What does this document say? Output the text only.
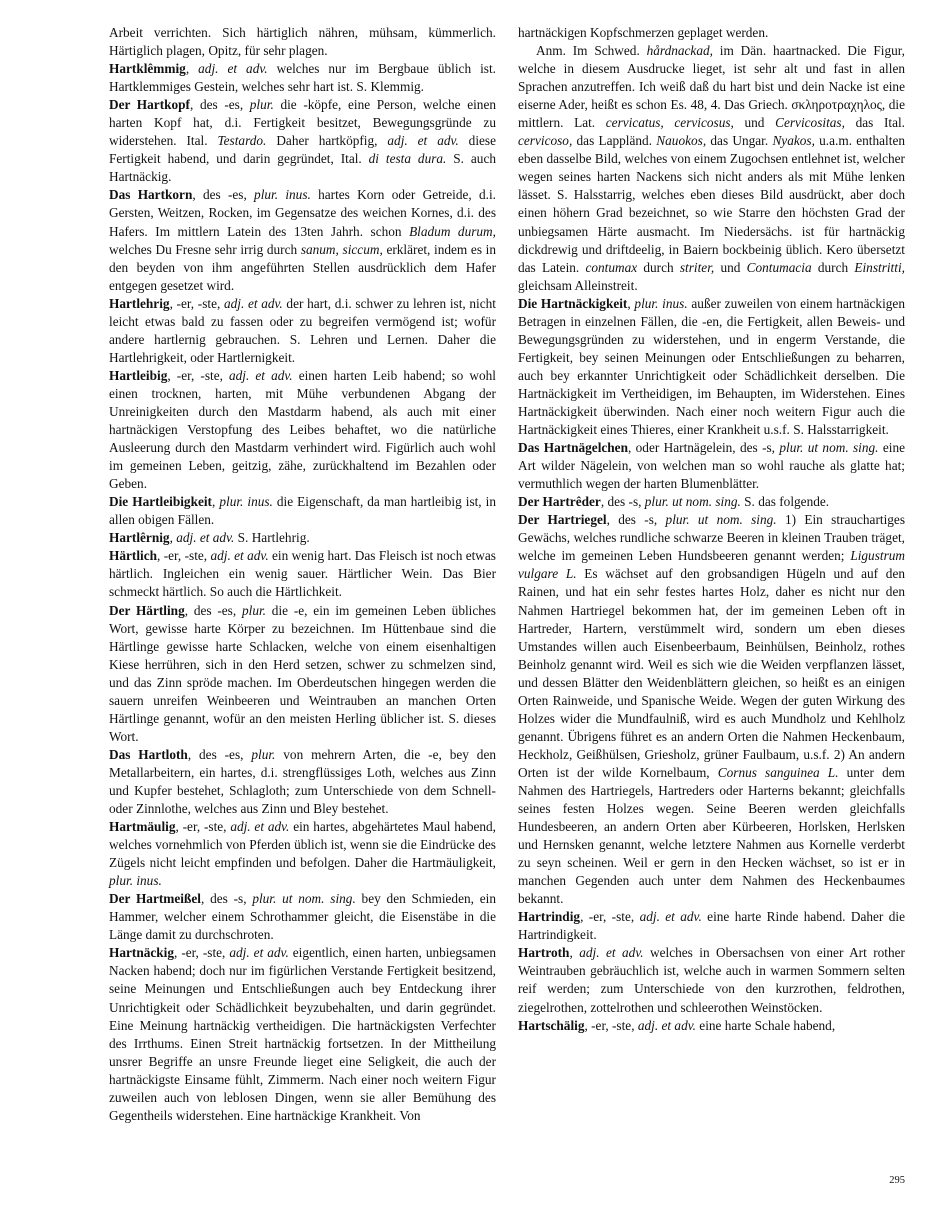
Arbeit verrichten. Sich härtiglich nähren, mühsam, kümmerlich. Härtiglich plagen, Opitz, für sehr plagen.

Hartklêmmig, adj. et adv. welches nur im Bergbaue üblich ist. Hartklemmiges Gestein, welches sehr hart ist. S. Klemmig.

Der Hartkopf, des -es, plur. die -köpfe, eine Person, welche einen harten Kopf hat, d.i. Fertigkeit besitzet, Bewegungsgründe zu widerstehen. Ital. Testardo. Daher hartköpfig, adj. et adv. diese Fertigkeit habend, und darin gegründet, Ital. di testa dura. S. auch Hartnäckig.

Das Hartkorn, des -es, plur. inus. hartes Korn oder Getreide, d.i. Gersten, Weitzen, Rocken, im Gegensatze des weichen Kornes, d.i. des Hafers. Im mittlern Latein des 13ten Jahrh. schon Bladum durum, welches Du Fresne sehr irrig durch sanum, siccum, erkläret, indem es in den beyden von ihm angeführten Stellen ausdrücklich dem Hafer entgegen gesetzet wird.

Hartlehrig, -er, -ste, adj. et adv. der hart, d.i. schwer zu lehren ist, nicht leicht etwas bald zu fassen oder zu begreifen vermögend ist; wofür andere hartlernig gebrauchen. S. Lehren und Lernen. Daher die Hartlehrigkeit, oder Hartlernigkeit.

Hartleibig, -er, -ste, adj. et adv. einen harten Leib habend; so wohl einen trocknen, harten, mit Mühe verbundenen Abgang der Unreinigkeiten durch den Mastdarm habend, als auch mit einer hartnäckigen Verstopfung des Leibes behaftet, wo die natürliche Ausleerung durch den Mastdarm verhindert wird. Figürlich auch wohl im gemeinen Leben, geitzig, zähe, zurückhaltend im Bezahlen oder Geben.

Die Hartleibigkeit, plur. inus. die Eigenschaft, da man hartleibig ist, in allen obigen Fällen.

Hartlêrnig, adj. et adv. S. Hartlehrig.

Härtlich, -er, -ste, adj. et adv. ein wenig hart. Das Fleisch ist noch etwas härtlich. Ingleichen ein wenig sauer. Härtlicher Wein. Das Bier schmeckt härtlich. So auch die Härtlichkeit.

Der Härtling, des -es, plur. die -e, ein im gemeinen Leben übliches Wort, gewisse harte Körper zu bezeichnen. Im Hüttenbaue sind die Härtlinge gewisse harte Schlacken, welche von einem eisenhaltigen Kiese herrühren, sich in den Herd setzen, schwer zu schmelzen sind, und das Zinn spröde machen. Im Oberdeutschen hingegen werden die sauern unreifen Weinbeeren und Weintrauben an manchen Orten Härtlinge genannt, wofür an den meisten Herling üblicher ist. S. dieses Wort.

Das Hartloth, des -es, plur. von mehrern Arten, die -e, bey den Metallarbeitern, ein hartes, d.i. strengflüssiges Loth, welches aus Zinn und Kupfer bestehet, Schlagloth; zum Unterschiede von dem Schnell- oder Zinnlothe, welches aus Zinn und Bley bestehet.

Hartmäulig, -er, -ste, adj. et adv. ein hartes, abgehärtetes Maul habend, welches vornehmlich von Pferden üblich ist, wenn sie die Eindrücke des Zügels nicht leicht empfinden und befolgen. Daher die Hartmäuligkeit, plur. inus.

Der Hartmeißel, des -s, plur. ut nom. sing. bey den Schmieden, ein Hammer, welcher einem Schrothammer gleicht, die Eisenstäbe in die Länge damit zu durchschroten.

Hartnäckig, -er, -ste, adj. et adv. eigentlich, einen harten, unbiegsamen Nacken habend; doch nur im figürlichen Verstande Fertigkeit besitzend, seine Meinungen und Entschließungen auch bey Entdeckung ihrer Unrichtigkeit oder Schädlichkeit beyzubehalten, und darin gegründet. Eine Meinung hartnäckig vertheidigen. Die hartnäckigsten Verfechter des Irrthums. Einen Streit hartnäckig fortsetzen. In der Mittheilung unsrer Begriffe an unsre Freunde lieget eine Seligkeit, die auch der hartnäckigste Einsame fühlt, Zimmerm. Nach einer noch weitern Figur zuweilen auch von leblosen Dingen, wenn sie aller Bemühung des Gegentheils widerstehen. Eine hartnäckige Krankheit. Von

hartnäckigen Kopfschmerzen geplaget werden.

Anm. Im Schwed. hårdnackad, im Dän. haartnacked. Die Figur, welche in diesem Ausdrucke lieget, ist sehr alt und fast in allen Sprachen anzutreffen. Ich weiß daß du hart bist und dein Nacke ist eine eiserne Ader, heißt es schon Es. 48, 4. Das Griech. σκληροτραχηλος, die mittlern. Lat. cervicatus, cervicosus, und Cervicositas, das Ital. cervicoso, das Lappländ. Nauokos, das Ungar. Nyakos, u.a.m. enthalten eben dasselbe Bild, welches von einem Zugochsen entlehnet ist, welcher wegen seines harten Nackens sich nicht anders als mit Mühe lenken lässet. S. Halsstarrig, welches eben dieses Bild ausdrückt, aber doch einen höhern Grad bezeichnet, so wie Starre den höchsten Grad der unbiegsamen Härte ausmacht. Im Niedersächs. ist für hartnäckig dickdrewig und driftdeelig, in Baiern bockbeinig üblich. Kero übersetzt das Latein. contumax durch striter, und Contumacia durch Einstritti, gleichsam Alleinstreit.

Die Hartnäckigkeit, plur. inus. außer zuweilen von einem hartnäckigen Betragen in einzelnen Fällen, die -en, die Fertigkeit, allen Beweis- und Bewegungsgründen zu widerstehen, und in engerm Verstande, die Fertigkeit, bey seinen Meinungen oder Entschließungen zu beharren, auch bey erkannter Unrichtigkeit oder Schädlichkeit derselben. Die Hartnäckigkeit im Vertheidigen, im Behaupten, im Widerstehen. Eines Hartnäckigkeit überwinden. Nach einer noch weitern Figur auch die Hartnäckigkeit eines Thieres, einer Krankheit u.s.f. S. Halsstarrigkeit.

Das Hartnägelchen, oder Hartnägelein, des -s, plur. ut nom. sing. eine Art wilder Nägelein, von welchen man so wohl rauche als glatte hat; vermuthlich wegen der harten Blumenblätter.

Der Hartrêder, des -s, plur. ut nom. sing. S. das folgende.

Der Hartriegel, des -s, plur. ut nom. sing. 1) Ein strauchartiges Gewächs, welches rundliche schwarze Beeren in kleinen Trauben träget, welche im gemeinen Leben Hundsbeeren genannt werden; Ligustrum vulgare L. Es wächset auf den grobsandigen Hügeln und auf den Rainen, und hat ein sehr festes hartes Holz, daher es nicht nur den Nahmen Hartriegel bekommen hat, der im gemeinen Leben oft in Hartreder, Hartern, verstümmelt wird, sondern um eben dieses Umstandes willen auch Eisenbeerbaum, Beinhülsen, Beinholz, rothes Beinholz genannt wird. Weil es sich wie die Weiden verpflanzen lässet, und dessen Blätter den Weidenblättern gleichen, so heißt es an einigen Orten Rainweide, und Spanische Weide. Wegen der guten Wirkung des Holzes wider die Mundfaulniß, wird es auch Mundholz und Kehlholz genannt. Übrigens führet es an andern Orten die Nahmen Heckenbaum, Heckholz, Geißhülsen, Griesholz, grüner Faulbaum, u.s.f. 2) An andern Orten ist der wilde Kornelbaum, Cornus sanguinea L. unter dem Nahmen des Hartriegels, Hartreders oder Harterns bekannt; gleichfalls seines festen Holzes wegen. Seine Beeren werden gleichfalls Hundesbeeren, an andern Orten aber Kürbeeren, Horlsken, Herlsken und Hernsken genannt, welche letztere Nahmen aus Kornelle verderbt zu seyn scheinen. Weil er gern in den Hecken wächset, so ist er in manchen Gegenden auch unter dem Nahmen des Heckenbaumes bekannt.

Hartrindig, -er, -ste, adj. et adv. eine harte Rinde habend. Daher die Hartrindigkeit.

Hartroth, adj. et adv. welches in Obersachsen von einer Art rother Weintrauben gebräuchlich ist, welche auch in warmen Sommern selten reif werden; zum Unterschiede von den kurzrothen, feldrothen, ziegelrothen, zottelrothen und schleerothen Weinstöcken.

Hartschälig, -er, -ste, adj. et adv. eine harte Schale habend,

295
